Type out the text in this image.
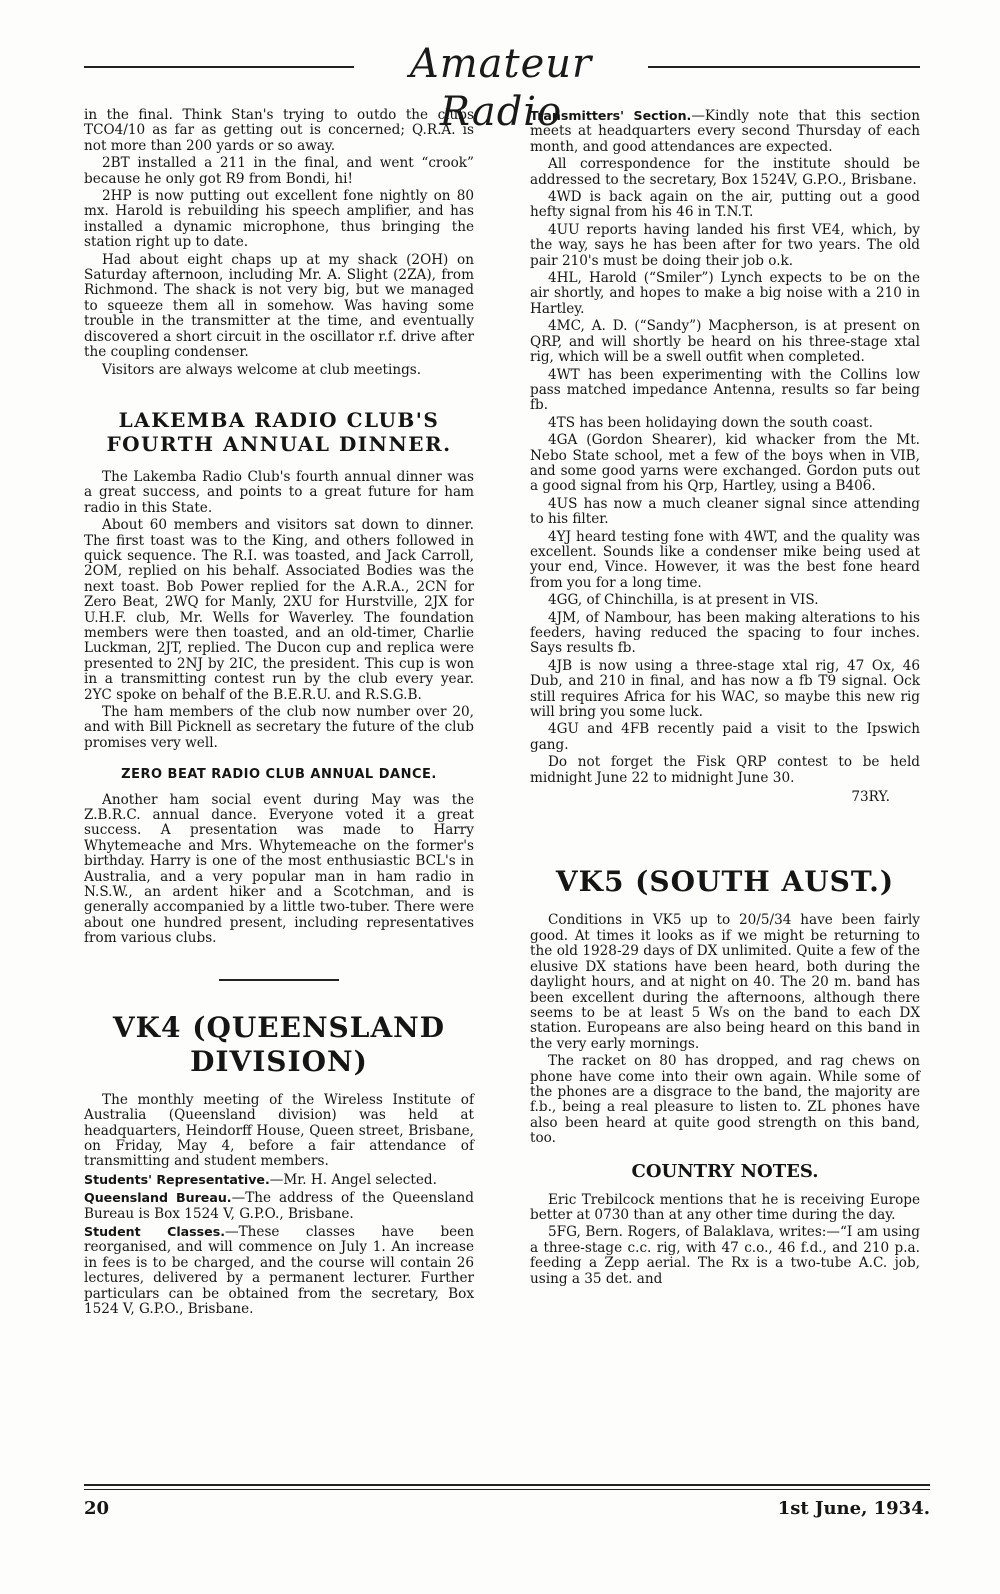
Amateur Radio

in the final. Think Stan's trying to outdo the clubs TCO4/10 as far as getting out is concerned; Q.R.A. is not more than 200 yards or so away.

2BT installed a 211 in the final, and went “crook” because he only got R9 from Bondi, hi!

2HP is now putting out excellent fone nightly on 80 mx. Harold is rebuilding his speech amplifier, and has installed a dynamic microphone, thus bringing the station right up to date.

Had about eight chaps up at my shack (2OH) on Saturday afternoon, including Mr. A. Slight (2ZA), from Richmond. The shack is not very big, but we managed to squeeze them all in somehow. Was having some trouble in the transmitter at the time, and eventually discovered a short circuit in the oscillator r.f. drive after the coupling condenser.

Visitors are always welcome at club meetings.

LAKEMBA RADIO CLUB'S
FOURTH ANNUAL DINNER.

The Lakemba Radio Club's fourth annual dinner was a great success, and points to a great future for ham radio in this State.

About 60 members and visitors sat down to dinner. The first toast was to the King, and others followed in quick sequence. The R.I. was toasted, and Jack Carroll, 2OM, replied on his behalf. Associated Bodies was the next toast. Bob Power replied for the A.R.A., 2CN for Zero Beat, 2WQ for Manly, 2XU for Hurstville, 2JX for U.H.F. club, Mr. Wells for Waverley. The foundation members were then toasted, and an old-timer, Charlie Luckman, 2JT, replied. The Ducon cup and replica were presented to 2NJ by 2IC, the president. This cup is won in a transmitting contest run by the club every year. 2YC spoke on behalf of the B.E.R.U. and R.S.G.B.

The ham members of the club now number over 20, and with Bill Picknell as secretary the future of the club promises very well.

ZERO BEAT RADIO CLUB ANNUAL DANCE.

Another ham social event during May was the Z.B.R.C. annual dance. Everyone voted it a great success. A presentation was made to Harry Whytemeache and Mrs. Whytemeache on the former's birthday. Harry is one of the most enthusiastic BCL's in Australia, and a very popular man in ham radio in N.S.W., an ardent hiker and a Scotchman, and is generally accompanied by a little two-tuber. There were about one hundred present, including representatives from various clubs.

VK4 (QUEENSLAND
DIVISION)

The monthly meeting of the Wireless Institute of Australia (Queensland division) was held at headquarters, Heindorff House, Queen street, Brisbane, on Friday, May 4, before a fair attendance of transmitting and student members.

Students' Representative.—Mr. H. Angel selected.

Queensland Bureau.—The address of the Queensland Bureau is Box 1524 V, G.P.O., Brisbane.

Student Classes.—These classes have been reorganised, and will commence on July 1. An increase in fees is to be charged, and the course will contain 26 lectures, delivered by a permanent lecturer. Further particulars can be obtained from the secretary, Box 1524 V, G.P.O., Brisbane.

Transmitters' Section.—Kindly note that this section meets at headquarters every second Thursday of each month, and good attendances are expected.

All correspondence for the institute should be addressed to the secretary, Box 1524V, G.P.O., Brisbane.

4WD is back again on the air, putting out a good hefty signal from his 46 in T.N.T.

4UU reports having landed his first VE4, which, by the way, says he has been after for two years. The old pair 210's must be doing their job o.k.

4HL, Harold (“Smiler”) Lynch expects to be on the air shortly, and hopes to make a big noise with a 210 in Hartley.

4MC, A. D. (“Sandy”) Macpherson, is at present on QRP, and will shortly be heard on his three-stage xtal rig, which will be a swell outfit when completed.

4WT has been experimenting with the Collins low pass matched impedance Antenna, results so far being fb.

4TS has been holidaying down the south coast.

4GA (Gordon Shearer), kid whacker from the Mt. Nebo State school, met a few of the boys when in VIB, and some good yarns were exchanged. Gordon puts out a good signal from his Qrp, Hartley, using a B406.

4US has now a much cleaner signal since attending to his filter.

4YJ heard testing fone with 4WT, and the quality was excellent. Sounds like a condenser mike being used at your end, Vince. However, it was the best fone heard from you for a long time.

4GG, of Chinchilla, is at present in VIS.

4JM, of Nambour, has been making alterations to his feeders, having reduced the spacing to four inches. Says results fb.

4JB is now using a three-stage xtal rig, 47 Ox, 46 Dub, and 210 in final, and has now a fb T9 signal. Ock still requires Africa for his WAC, so maybe this new rig will bring you some luck.

4GU and 4FB recently paid a visit to the Ipswich gang.

Do not forget the Fisk QRP contest to be held midnight June 22 to midnight June 30.

73RY.
VK5 (SOUTH AUST.)

Conditions in VK5 up to 20/5/34 have been fairly good. At times it looks as if we might be returning to the old 1928-29 days of DX unlimited. Quite a few of the elusive DX stations have been heard, both during the daylight hours, and at night on 40. The 20 m. band has been excellent during the afternoons, although there seems to be at least 5 Ws on the band to each DX station. Europeans are also being heard on this band in the very early mornings.

The racket on 80 has dropped, and rag chews on phone have come into their own again. While some of the phones are a disgrace to the band, the majority are f.b., being a real pleasure to listen to. ZL phones have also been heard at quite good strength on this band, too.

COUNTRY NOTES.

Eric Trebilcock mentions that he is receiving Europe better at 0730 than at any other time during the day.

5FG, Bern. Rogers, of Balaklava, writes:—“I am using a three-stage c.c. rig, with 47 c.o., 46 f.d., and 210 p.a. feeding a Zepp aerial. The Rx is a two-tube A.C. job, using a 35 det. and

20	1st June, 1934.
